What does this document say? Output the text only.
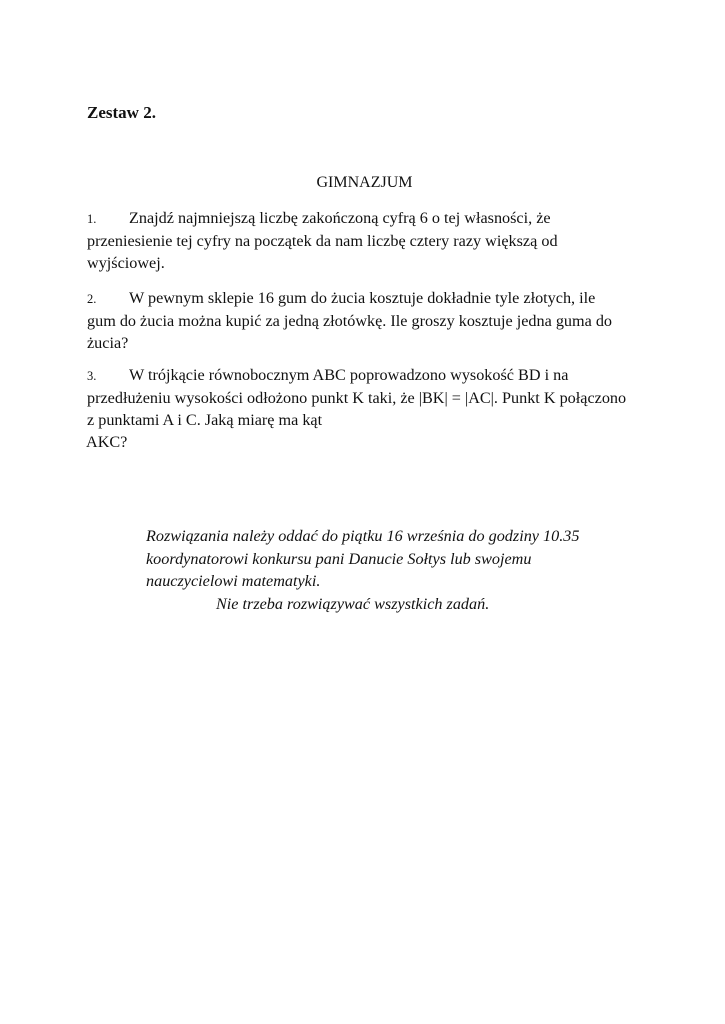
Zestaw 2.

GIMNAZJUM

1. Znajdź najmniejszą liczbę zakończoną cyfrą 6 o tej własności, że przeniesienie tej cyfry na początek da nam liczbę cztery razy większą od wyjściowej.

2. W pewnym sklepie 16 gum do żucia kosztuje dokładnie tyle złotych, ile gum do żucia można kupić za jedną złotówkę. Ile groszy kosztuje jedna guma do żucia?

3. W trójkącie równobocznym ABC poprowadzono wysokość BD i na przedłużeniu wysokości odłożono punkt K taki, że |BK| = |AC|. Punkt K połączono z punktami A i C. Jaką miarę ma kąt
AKC?

Rozwiązania należy oddać do piątku 16 września do godziny 10.35
koordynatorowi konkursu pani Danucie Sołtys lub swojemu
nauczycielowi matematyki.
Nie trzeba rozwiązywać wszystkich zadań.
